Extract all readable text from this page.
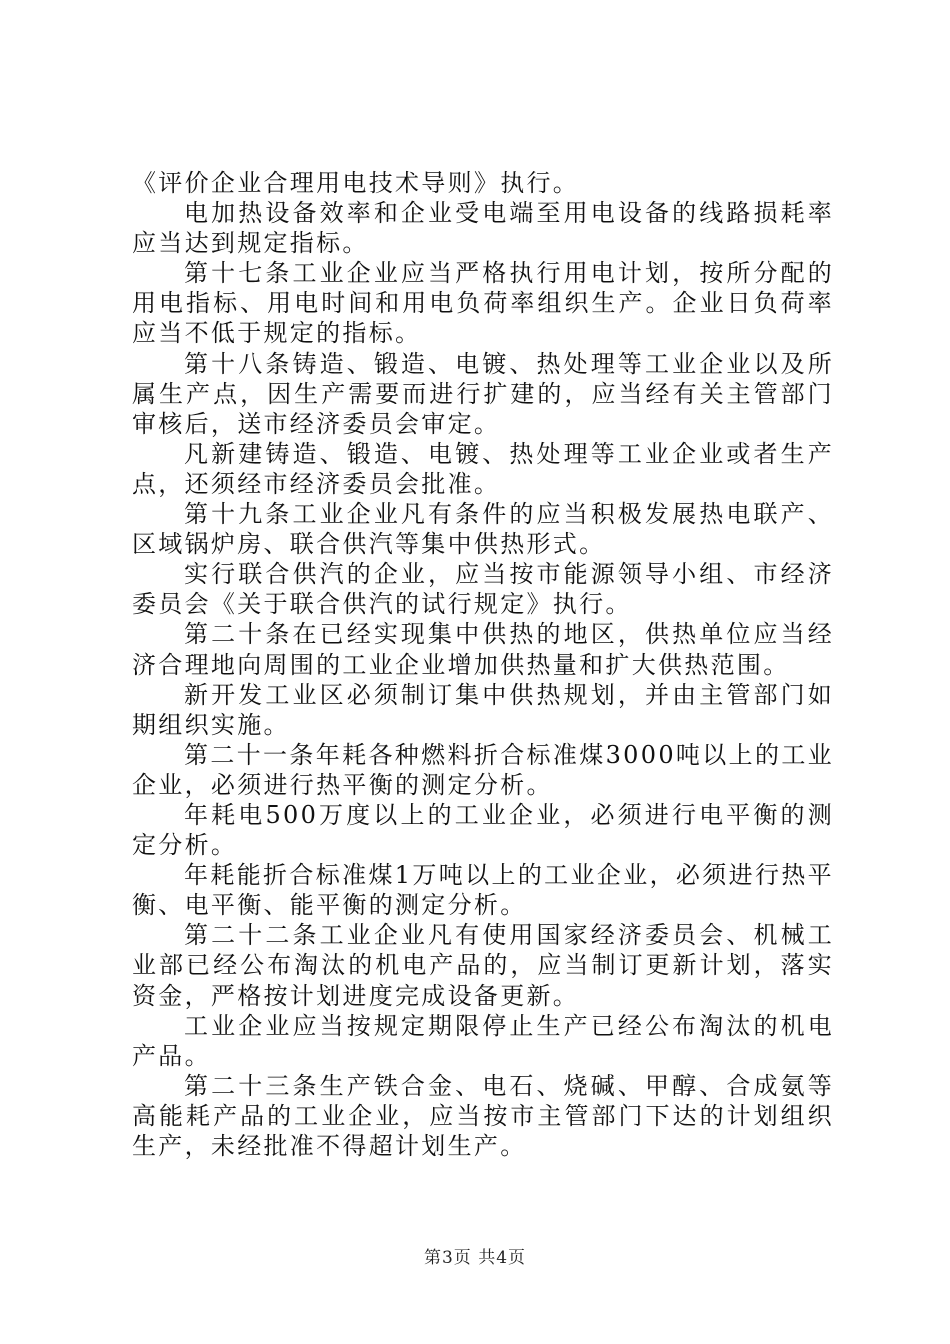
《评价企业合理用电技术导则》执行。

电加热设备效率和企业受电端至用电设备的线路损耗率应当达到规定指标。

第十七条工业企业应当严格执行用电计划，按所分配的用电指标、用电时间和用电负荷率组织生产。企业日负荷率应当不低于规定的指标。

第十八条铸造、锻造、电镀、热处理等工业企业以及所属生产点，因生产需要而进行扩建的，应当经有关主管部门审核后，送市经济委员会审定。

凡新建铸造、锻造、电镀、热处理等工业企业或者生产点，还须经市经济委员会批准。

第十九条工业企业凡有条件的应当积极发展热电联产、区域锅炉房、联合供汽等集中供热形式。

实行联合供汽的企业，应当按市能源领导小组、市经济委员会《关于联合供汽的试行规定》执行。

第二十条在已经实现集中供热的地区，供热单位应当经济合理地向周围的工业企业增加供热量和扩大供热范围。

新开发工业区必须制订集中供热规划，并由主管部门如期组织实施。

第二十一条年耗各种燃料折合标准煤3000吨以上的工业企业，必须进行热平衡的测定分析。

年耗电500万度以上的工业企业，必须进行电平衡的测定分析。

年耗能折合标准煤1万吨以上的工业企业，必须进行热平衡、电平衡、能平衡的测定分析。

第二十二条工业企业凡有使用国家经济委员会、机械工业部已经公布淘汰的机电产品的，应当制订更新计划，落实资金，严格按计划进度完成设备更新。

工业企业应当按规定期限停止生产已经公布淘汰的机电产品。

第二十三条生产铁合金、电石、烧碱、甲醇、合成氨等高能耗产品的工业企业，应当按市主管部门下达的计划组织生产，未经批准不得超计划生产。

第3页 共4页
